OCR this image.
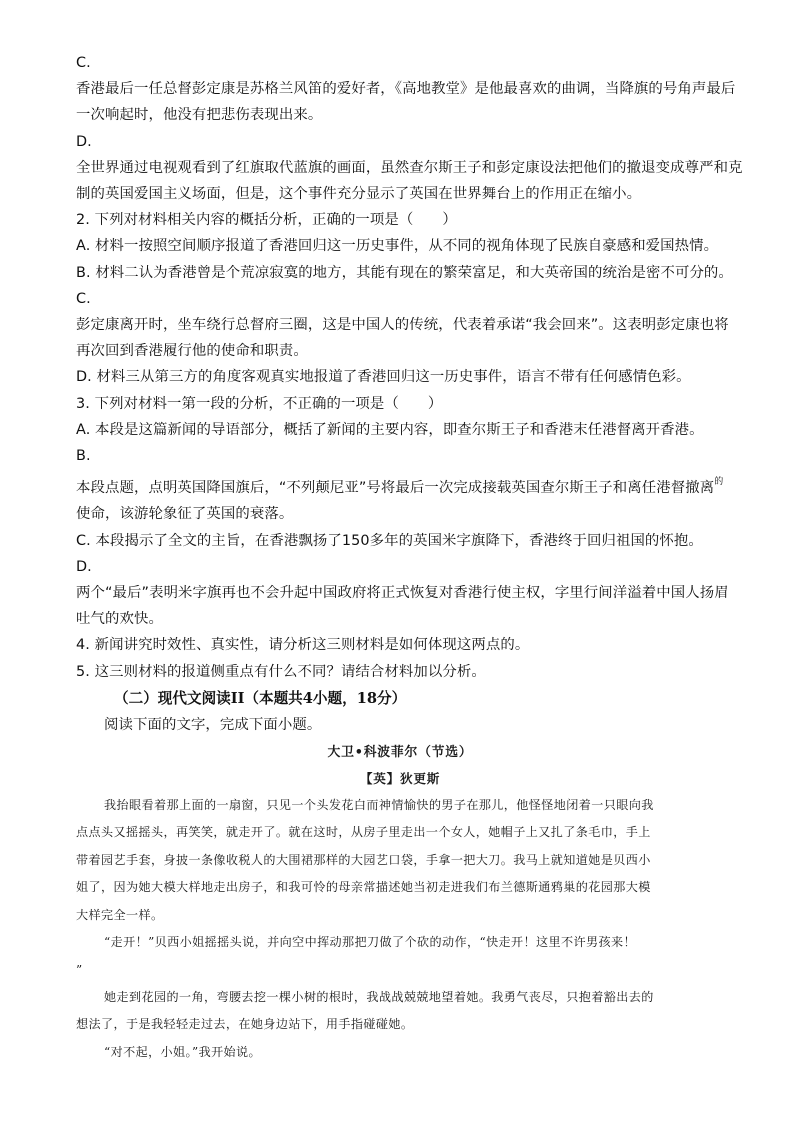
C.
香港最后一任总督彭定康是苏格兰风笛的爱好者，《高地教堂》是他最喜欢的曲调，当降旗的号角声最后
一次响起时，他没有把悲伤表现出来。
D.
全世界通过电视观看到了红旗取代蓝旗的画面，虽然查尔斯王子和彭定康设法把他们的撤退变成尊严和克
制的英国爱国主义场面，但是，这个事件充分显示了英国在世界舞台上的作用正在缩小。
2. 下列对材料相关内容的概括分析，正确的一项是（　　）
A. 材料一按照空间顺序报道了香港回归这一历史事件，从不同的视角体现了民族自豪感和爱国热情。
B. 材料二认为香港曾是个荒凉寂寞的地方，其能有现在的繁荣富足，和大英帝国的统治是密不可分的。
C.
彭定康离开时，坐车绕行总督府三圈，这是中国人的传统，代表着承诺“我会回来”。这表明彭定康也将
再次回到香港履行他的使命和职责。
D. 材料三从第三方的角度客观真实地报道了香港回归这一历史事件，语言不带有任何感情色彩。
3. 下列对材料一第一段的分析，不正确的一项是（　　）
A. 本段是这篇新闻的导语部分，概括了新闻的主要内容，即查尔斯王子和香港末任港督离开香港。
B.
本段点题，点明英国降国旗后，“不列颠尼亚”号将最后一次完成接载英国查尔斯王子和离任港督撤离$^的$
使命，该游轮象征了英国的衰落。
C. 本段揭示了全文的主旨，在香港飘扬了150多年的英国米字旗降下，香港终于回归祖国的怀抱。
D.
两个“最后”表明米字旗再也不会升起中国政府将正式恢复对香港行使主权，字里行间洋溢着中国人扬眉
吐气的欢快。
4. 新闻讲究时效性、真实性，请分析这三则材料是如何体现这两点的。
5. 这三则材料的报道侧重点有什么不同？请结合材料加以分析。
（二）现代文阅读II（本题共4小题，18分）
阅读下面的文字，完成下面小题。
大卫•科波菲尔（节选）
【英】狄更斯
我抬眼看着那上面的一扇窗，只见一个头发花白而神情愉快的男子在那儿，他怪怪地闭着一只眼向我
点点头又摇摇头，再笑笑，就走开了。就在这时，从房子里走出一个女人，她帽子上又扎了条毛巾，手上
带着园艺手套，身披一条像收税人的大围裙那样的大园艺口袋，手拿一把大刀。我马上就知道她是贝西小
姐了，因为她大模大样地走出房子，和我可怜的母亲常描述她当初走进我们布兰德斯通鸦巢的花园那大模
大样完全一样。
“走开！”贝西小姐摇摇头说，并向空中挥动那把刀做了个砍的动作，“快走开！这里不许男孩来！
”
她走到花园的一角，弯腰去挖一棵小树的根时，我战战兢兢地望着她。我勇气丧尽，只抱着豁出去的
想法了，于是我轻轻走过去，在她身边站下，用手指碰碰她。
“对不起，小姐。”我开始说。
